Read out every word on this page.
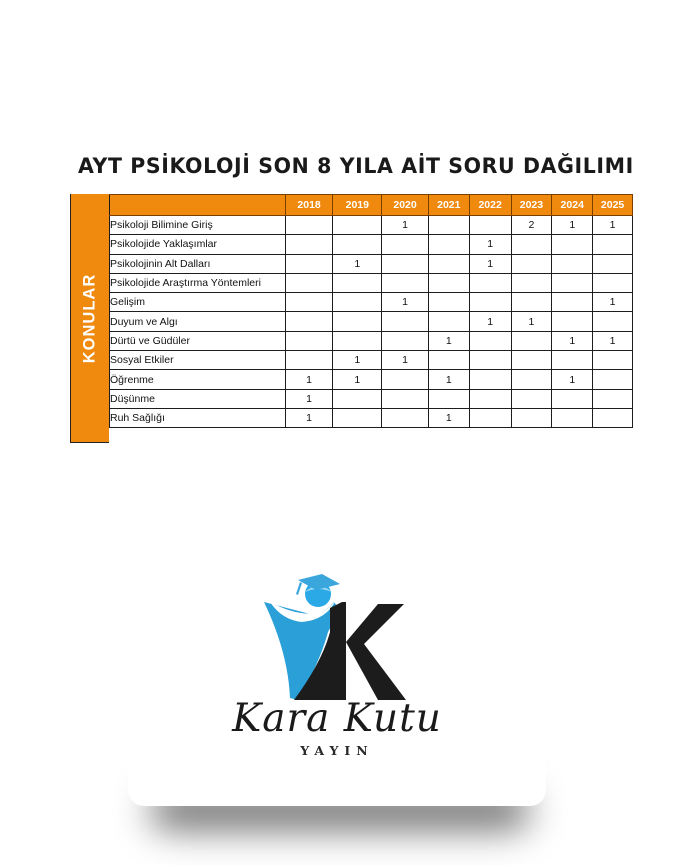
AYT PSİKOLOJİ SON 8 YILA AİT SORU DAĞILIMI
KONULAR
	2018	2019	2020	2021	2022	2023	2024	2025
Psikoloji Bilimine Giriş			1			2	1	1
Psikolojide Yaklaşımlar					1			
Psikolojinin Alt Dalları		1			1			
Psikolojide Araştırma Yöntemleri								
Gelişim			1					1
Duyum ve Algı					1	1		
Dürtü ve Güdüler				1			1	1
Sosyal Etkiler		1	1					
Öğrenme	1	1		1			1	
Düşünme	1							
Ruh Sağlığı	1			1				
Kara Kutu
YAYIN
